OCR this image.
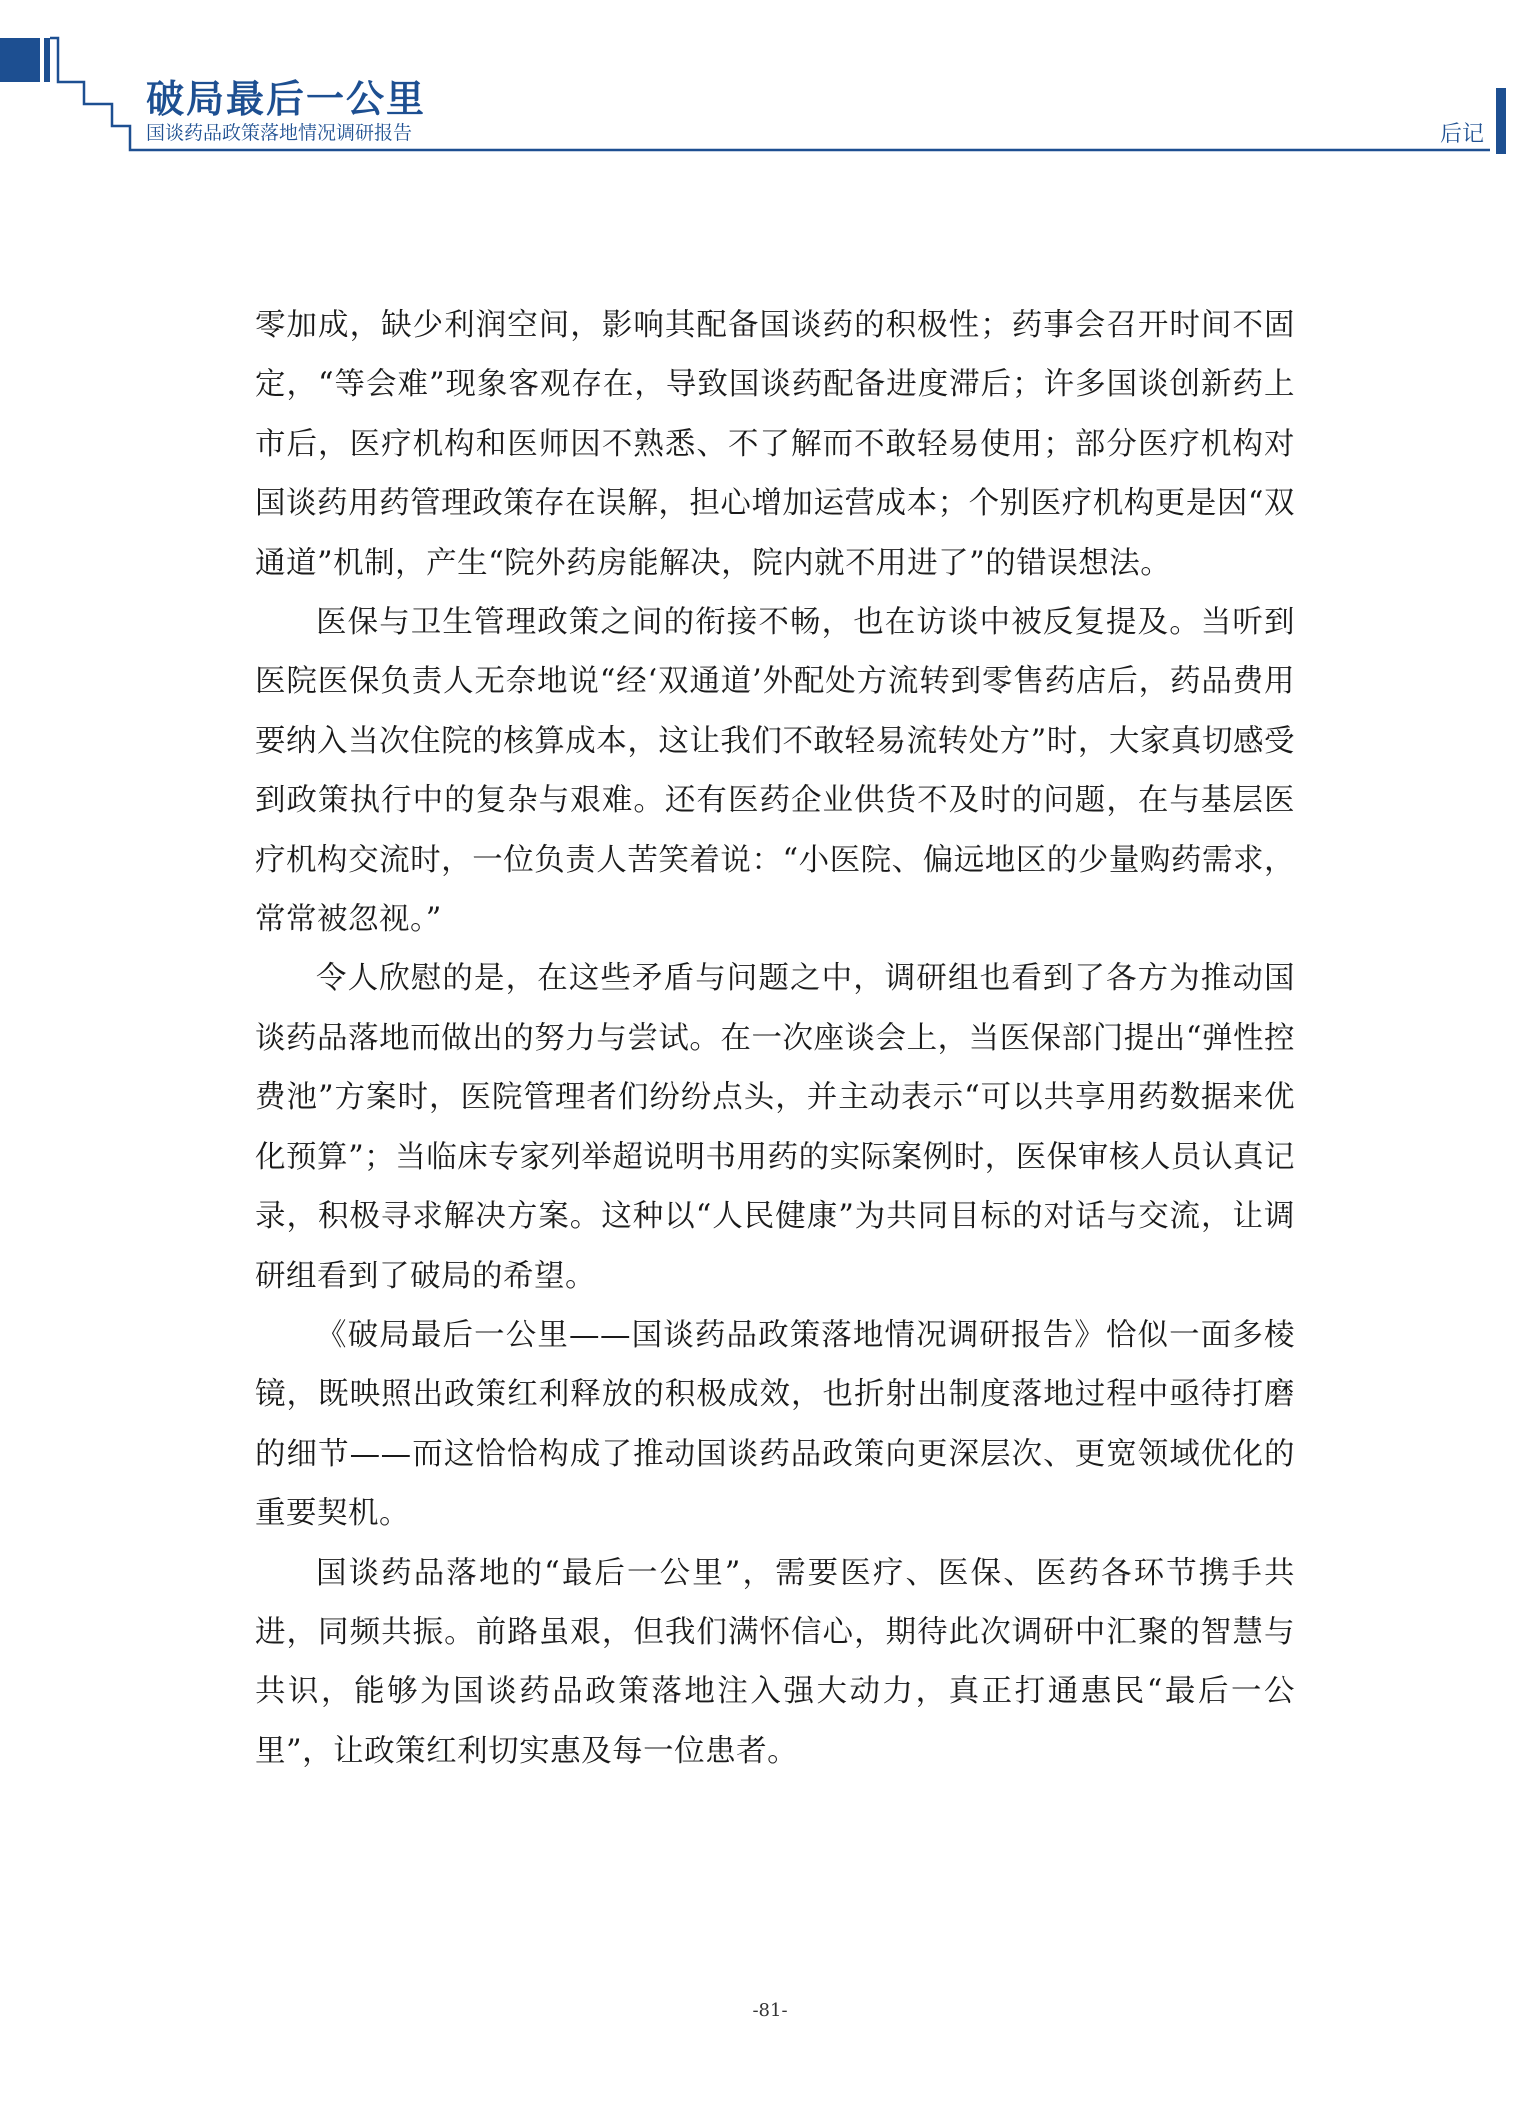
破局最后一公里
国谈药品政策落地情况调研报告	后记

零加成，缺少利润空间，影响其配备国谈药的积极性；药事会召开时间不固定，“等会难”现象客观存在，导致国谈药配备进度滞后；许多国谈创新药上市后，医疗机构和医师因不熟悉、不了解而不敢轻易使用；部分医疗机构对国谈药用药管理政策存在误解，担心增加运营成本；个别医疗机构更是因“双通道”机制，产生“院外药房能解决，院内就不用进了”的错误想法。

医保与卫生管理政策之间的衔接不畅，也在访谈中被反复提及。当听到医院医保负责人无奈地说“经‘双通道’外配处方流转到零售药店后，药品费用要纳入当次住院的核算成本，这让我们不敢轻易流转处方”时，大家真切感受到政策执行中的复杂与艰难。还有医药企业供货不及时的问题，在与基层医疗机构交流时，一位负责人苦笑着说：“小医院、偏远地区的少量购药需求，常常被忽视。”

令人欣慰的是，在这些矛盾与问题之中，调研组也看到了各方为推动国谈药品落地而做出的努力与尝试。在一次座谈会上，当医保部门提出“弹性控费池”方案时，医院管理者们纷纷点头，并主动表示“可以共享用药数据来优化预算”；当临床专家列举超说明书用药的实际案例时，医保审核人员认真记录，积极寻求解决方案。这种以“人民健康”为共同目标的对话与交流，让调研组看到了破局的希望。

《破局最后一公里——国谈药品政策落地情况调研报告》恰似一面多棱镜，既映照出政策红利释放的积极成效，也折射出制度落地过程中亟待打磨的细节——而这恰恰构成了推动国谈药品政策向更深层次、更宽领域优化的重要契机。

国谈药品落地的“最后一公里”，需要医疗、医保、医药各环节携手共进，同频共振。前路虽艰，但我们满怀信心，期待此次调研中汇聚的智慧与共识，能够为国谈药品政策落地注入强大动力，真正打通惠民“最后一公里”，让政策红利切实惠及每一位患者。

-81-
